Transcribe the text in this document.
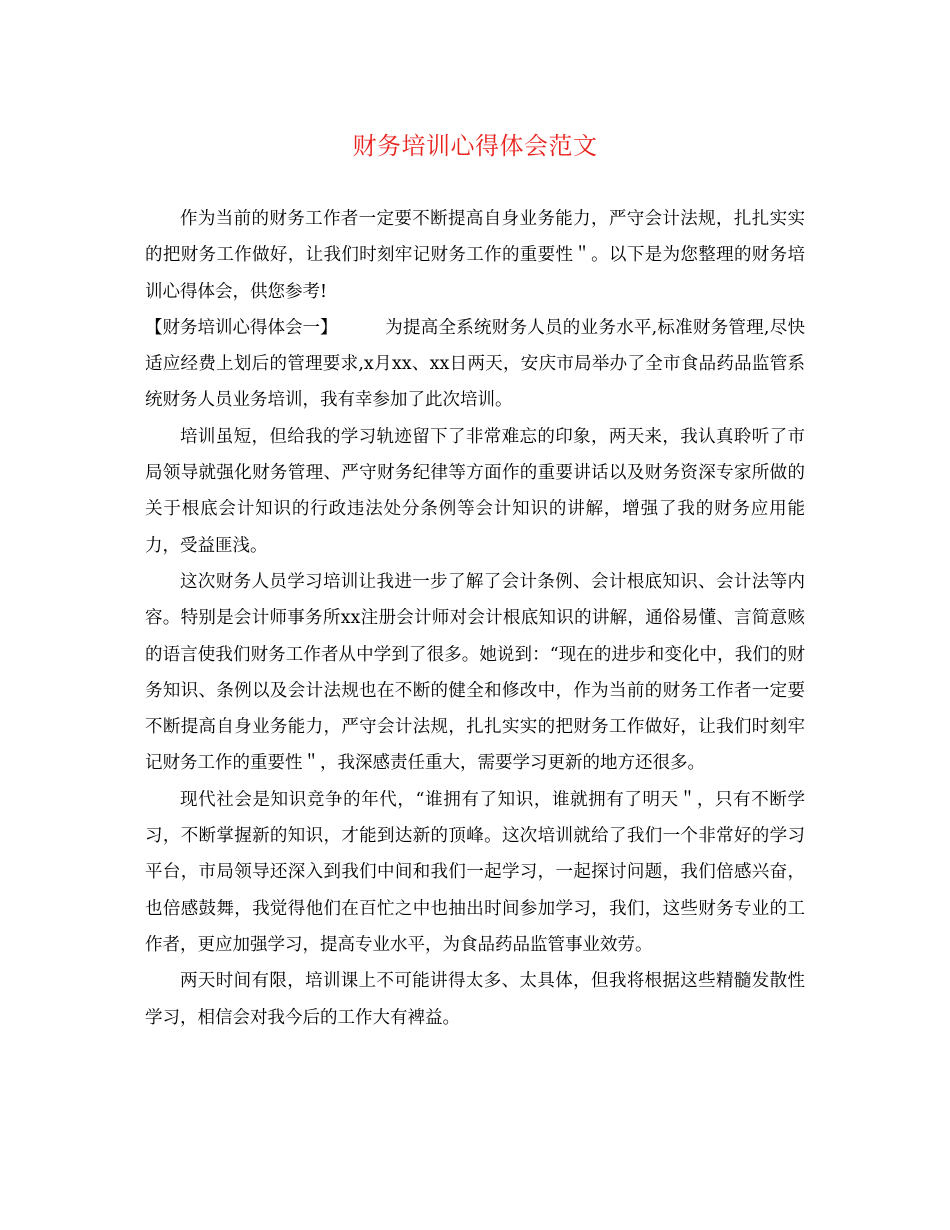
财务培训心得体会范文

作为当前的财务工作者一定要不断提高自身业务能力，严守会计法规，扎扎实实的把财务工作做好，让我们时刻牢记财务工作的重要性＂。以下是为您整理的财务培训心得体会，供您参考!

【财务培训心得体会一】	为提高全系统财务人员的业务水平,标准财务管理,尽快适应经费上划后的管理要求,x月xx、xx日两天，安庆市局举办了全市食品药品监管系统财务人员业务培训，我有幸参加了此次培训。

培训虽短，但给我的学习轨迹留下了非常难忘的印象，两天来，我认真聆听了市局领导就强化财务管理、严守财务纪律等方面作的重要讲话以及财务资深专家所做的关于根底会计知识的行政违法处分条例等会计知识的讲解，增强了我的财务应用能力，受益匪浅。

这次财务人员学习培训让我进一步了解了会计条例、会计根底知识、会计法等内容。特别是会计师事务所xx注册会计师对会计根底知识的讲解，通俗易懂、言简意赅的语言使我们财务工作者从中学到了很多。她说到：“现在的进步和变化中，我们的财务知识、条例以及会计法规也在不断的健全和修改中，作为当前的财务工作者一定要不断提高自身业务能力，严守会计法规，扎扎实实的把财务工作做好，让我们时刻牢记财务工作的重要性＂，我深感责任重大，需要学习更新的地方还很多。

现代社会是知识竞争的年代，“谁拥有了知识，谁就拥有了明天＂，只有不断学习，不断掌握新的知识，才能到达新的顶峰。这次培训就给了我们一个非常好的学习平台，市局领导还深入到我们中间和我们一起学习，一起探讨问题，我们倍感兴奋，也倍感鼓舞，我觉得他们在百忙之中也抽出时间参加学习，我们，这些财务专业的工作者，更应加强学习，提高专业水平，为食品药品监管事业效劳。

两天时间有限，培训课上不可能讲得太多、太具体，但我将根据这些精髓发散性学习，相信会对我今后的工作大有裨益。
